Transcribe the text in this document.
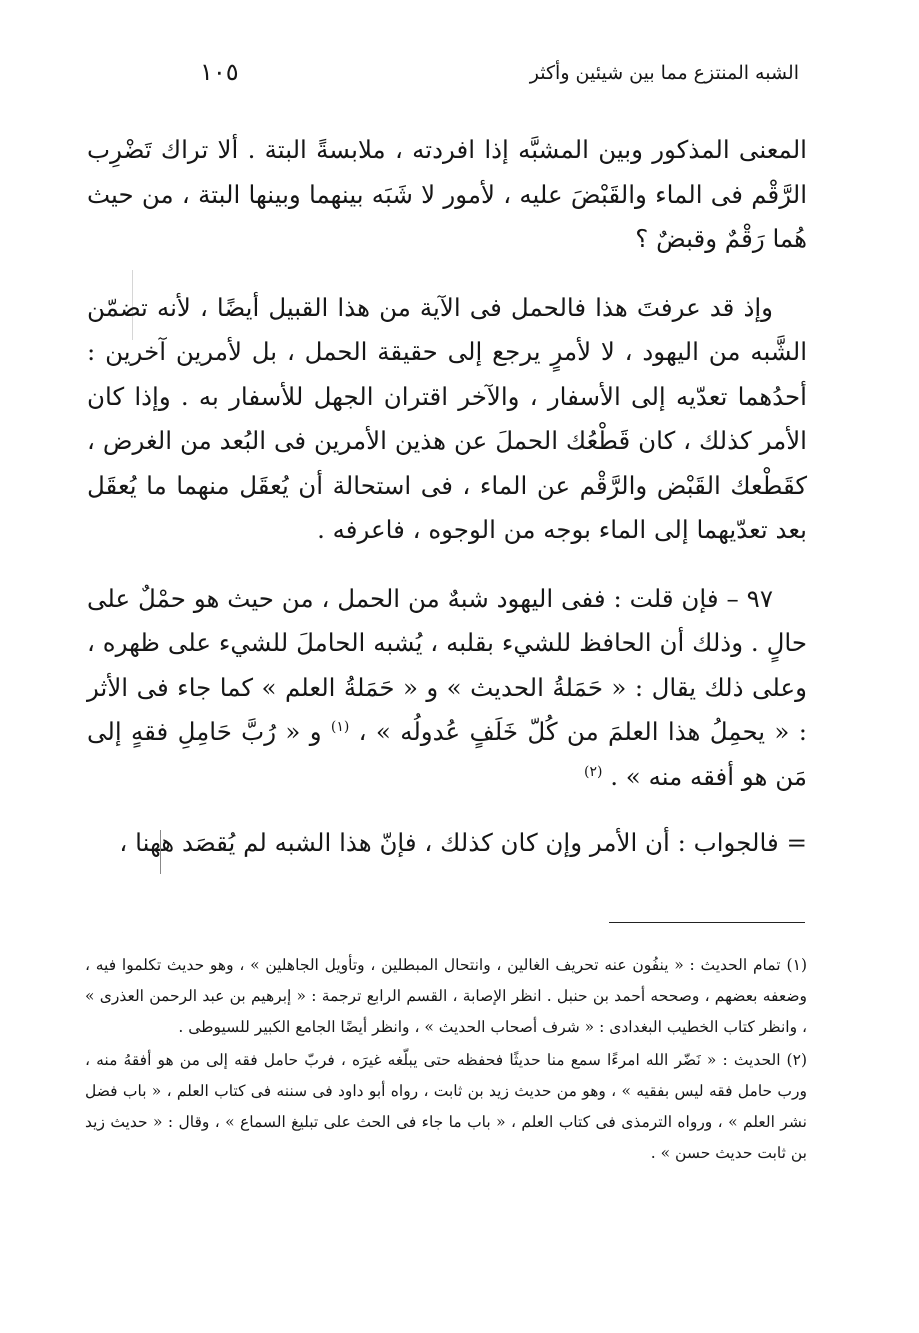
الشبه المنتزع مما بين شيئين وأكثر
١٠٥

المعنى المذكور وبين المشبَّه إذا افردته ، ملابسةً البتة . ألا تراك تَضْرِب الرَّقْم فى الماء والقَبْضَ عليه ، لأمور لا شَبَه بينهما وبينها البتة ، من حيث هُما رَقْمٌ وقبضٌ ؟

وإذ قد عرفتَ هذا فالحمل فى الآية من هذا القبيل أيضًا ، لأنه تضمّن الشَّبه من اليهود ، لا لأمرٍ يرجع إلى حقيقة الحمل ، بل لأمرين آخرين : أحدُهما تعدّيه إلى الأسفار ، والآخر اقتران الجهل للأسفار به . وإذا كان الأمر كذلك ، كان قَطْعُك الحملَ عن هذين الأمرين فى البُعد من الغرض ، كقَطْعك القَبْض والرَّقْم عن الماء ، فى استحالة أن يُعقَل منهما ما يُعقَل بعد تعدّيهما إلى الماء بوجه من الوجوه ، فاعرفه .

٩٧ – فإن قلت : ففى اليهود شبهٌ من الحمل ، من حيث هو حمْلٌ على حالٍ . وذلك أن الحافظ للشيء بقلبه ، يُشبه الحاملَ للشيء على ظهره ، وعلى ذلك يقال : « حَمَلةُ الحديث » و « حَمَلةُ العلم » كما جاء فى الأثر : « يحمِلُ هذا العلمَ من كُلّ خَلَفٍ عُدولُه » ، $^{(١)}$ و « رُبَّ حَامِلِ فقهٍ إلى مَن هو أفقه منه » . $^{(٢)}$

= فالجواب : أن الأمر وإن كان كذلك ، فإنّ هذا الشبه لم يُقصَد ههنا ،

(١)تمام الحديث : « ينفُون عنه تحريف الغالين ، وانتحال المبطلين ، وتأويل الجاهلين » ، وهو حديث تكلموا فيه ، وضعفه بعضهم ، وصححه أحمد بن حنبل . انظر الإصابة ، القسم الرابع ترجمة : « إبرهيم بن عبد الرحمن العذرى » ، وانظر كتاب الخطيب البغدادى : « شرف أصحاب الحديث » ، وانظر أيضًا الجامع الكبير للسيوطى .

(٢)الحديث : « نَضّر الله امرءًا سمع منا حديثًا فحفظه حتى يبلّغه غيرَه ، فربّ حامل فقه إلى من هو أفقهُ منه ، ورب حامل فقه ليس بفقيه » ، وهو من حديث زيد بن ثابت ، رواه أبو داود فى سننه فى كتاب العلم ، « باب فضل نشر العلم » ، ورواه الترمذى فى كتاب العلم ، « باب ما جاء فى الحث على تبليغ السماع » ، وقال : « حديث زيد بن ثابت حديث حسن » .
